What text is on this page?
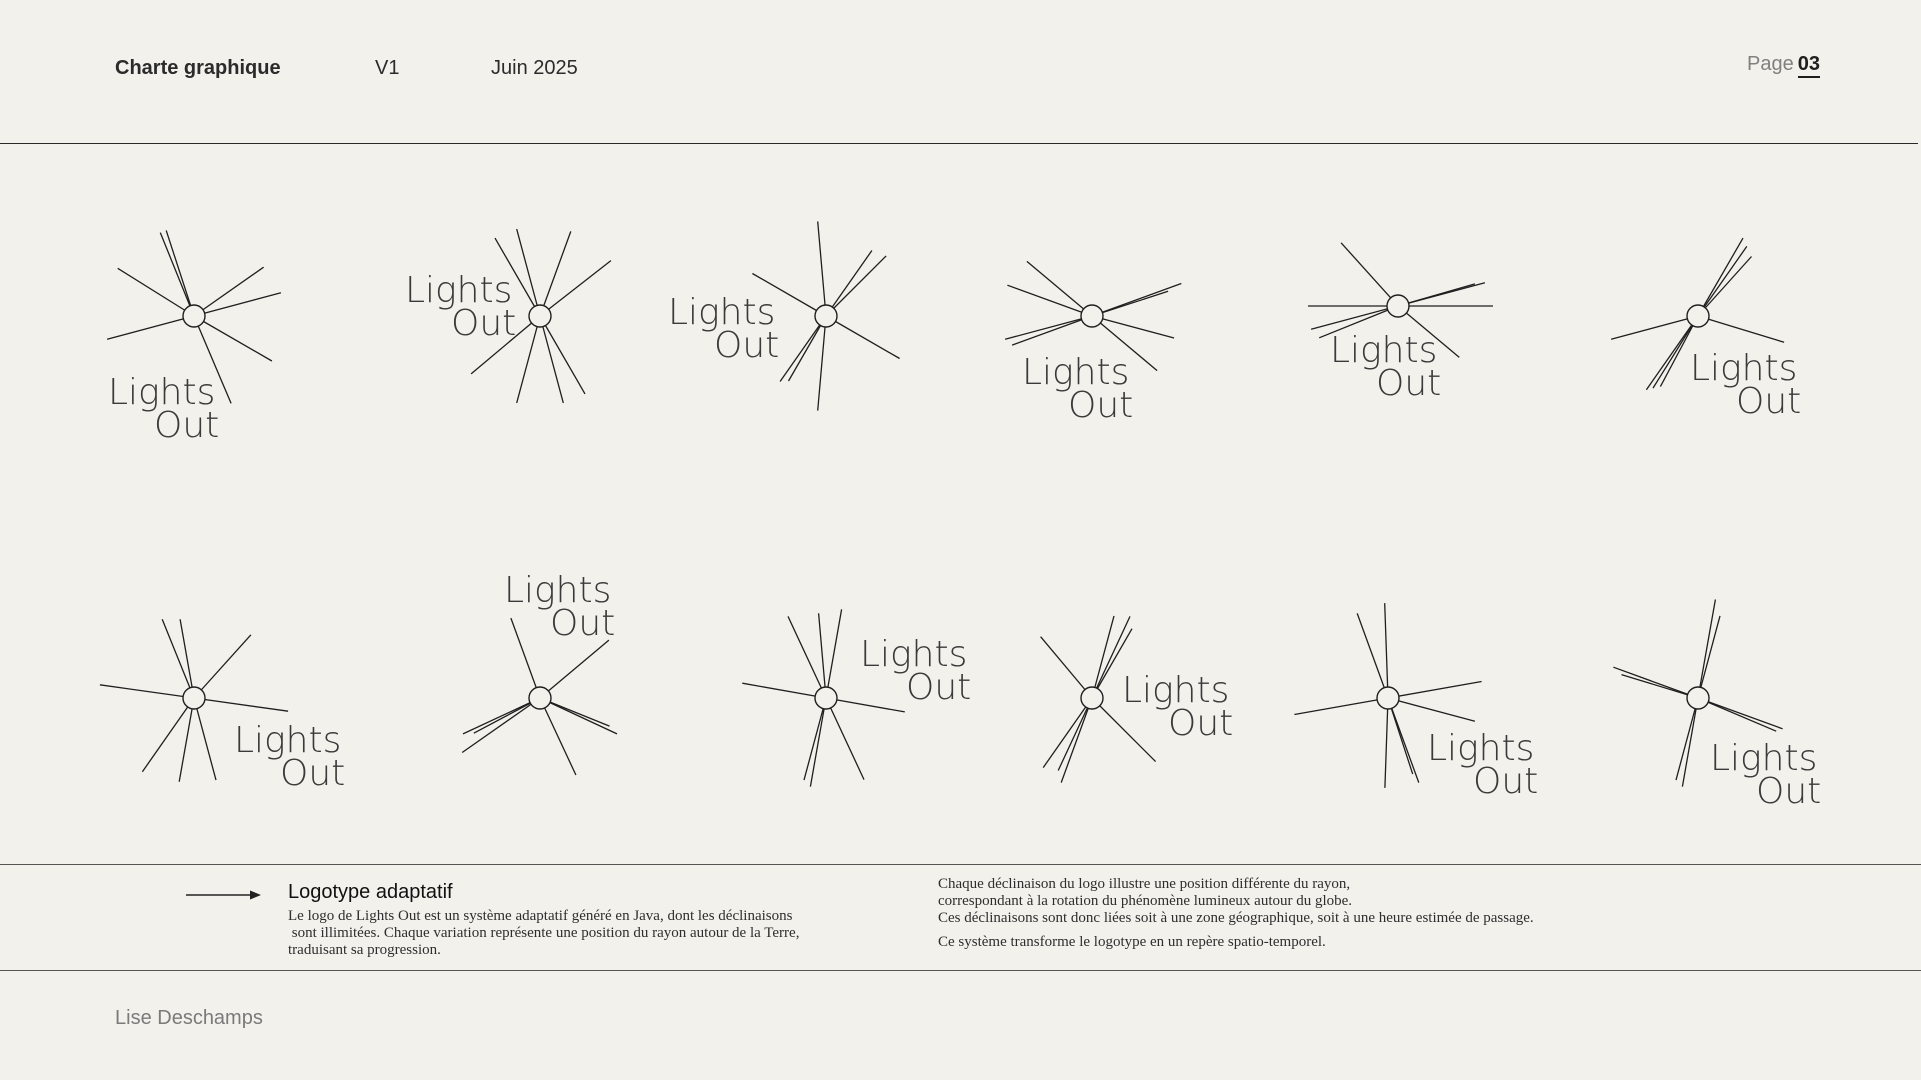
Charte graphique	V1	Juin 2025	Page 03
Lights
Out
Lights
Out	Lights
Out
Lights
Out
Lights
Out	Lights
Out
Lights
Out
Lights
Out
Lights
Out	Lights
Out
Lights
Out
Lights
Out
Logotype adaptatif
Le logo de Lights Out est un système adaptatif généré en Java, dont les déclinaisons
sont illimitées. Chaque variation représente une position du rayon autour de la Terre,
traduisant sa progression.

Chaque déclinaison du logo illustre une position différente du rayon,

correspondant à la rotation du phénomène lumineux autour du globe.

Ces déclinaisons sont donc liées soit à une zone géographique, soit à une heure estimée de passage.

Ce système transforme le logotype en un repère spatio-temporel.

Lise Deschamps
